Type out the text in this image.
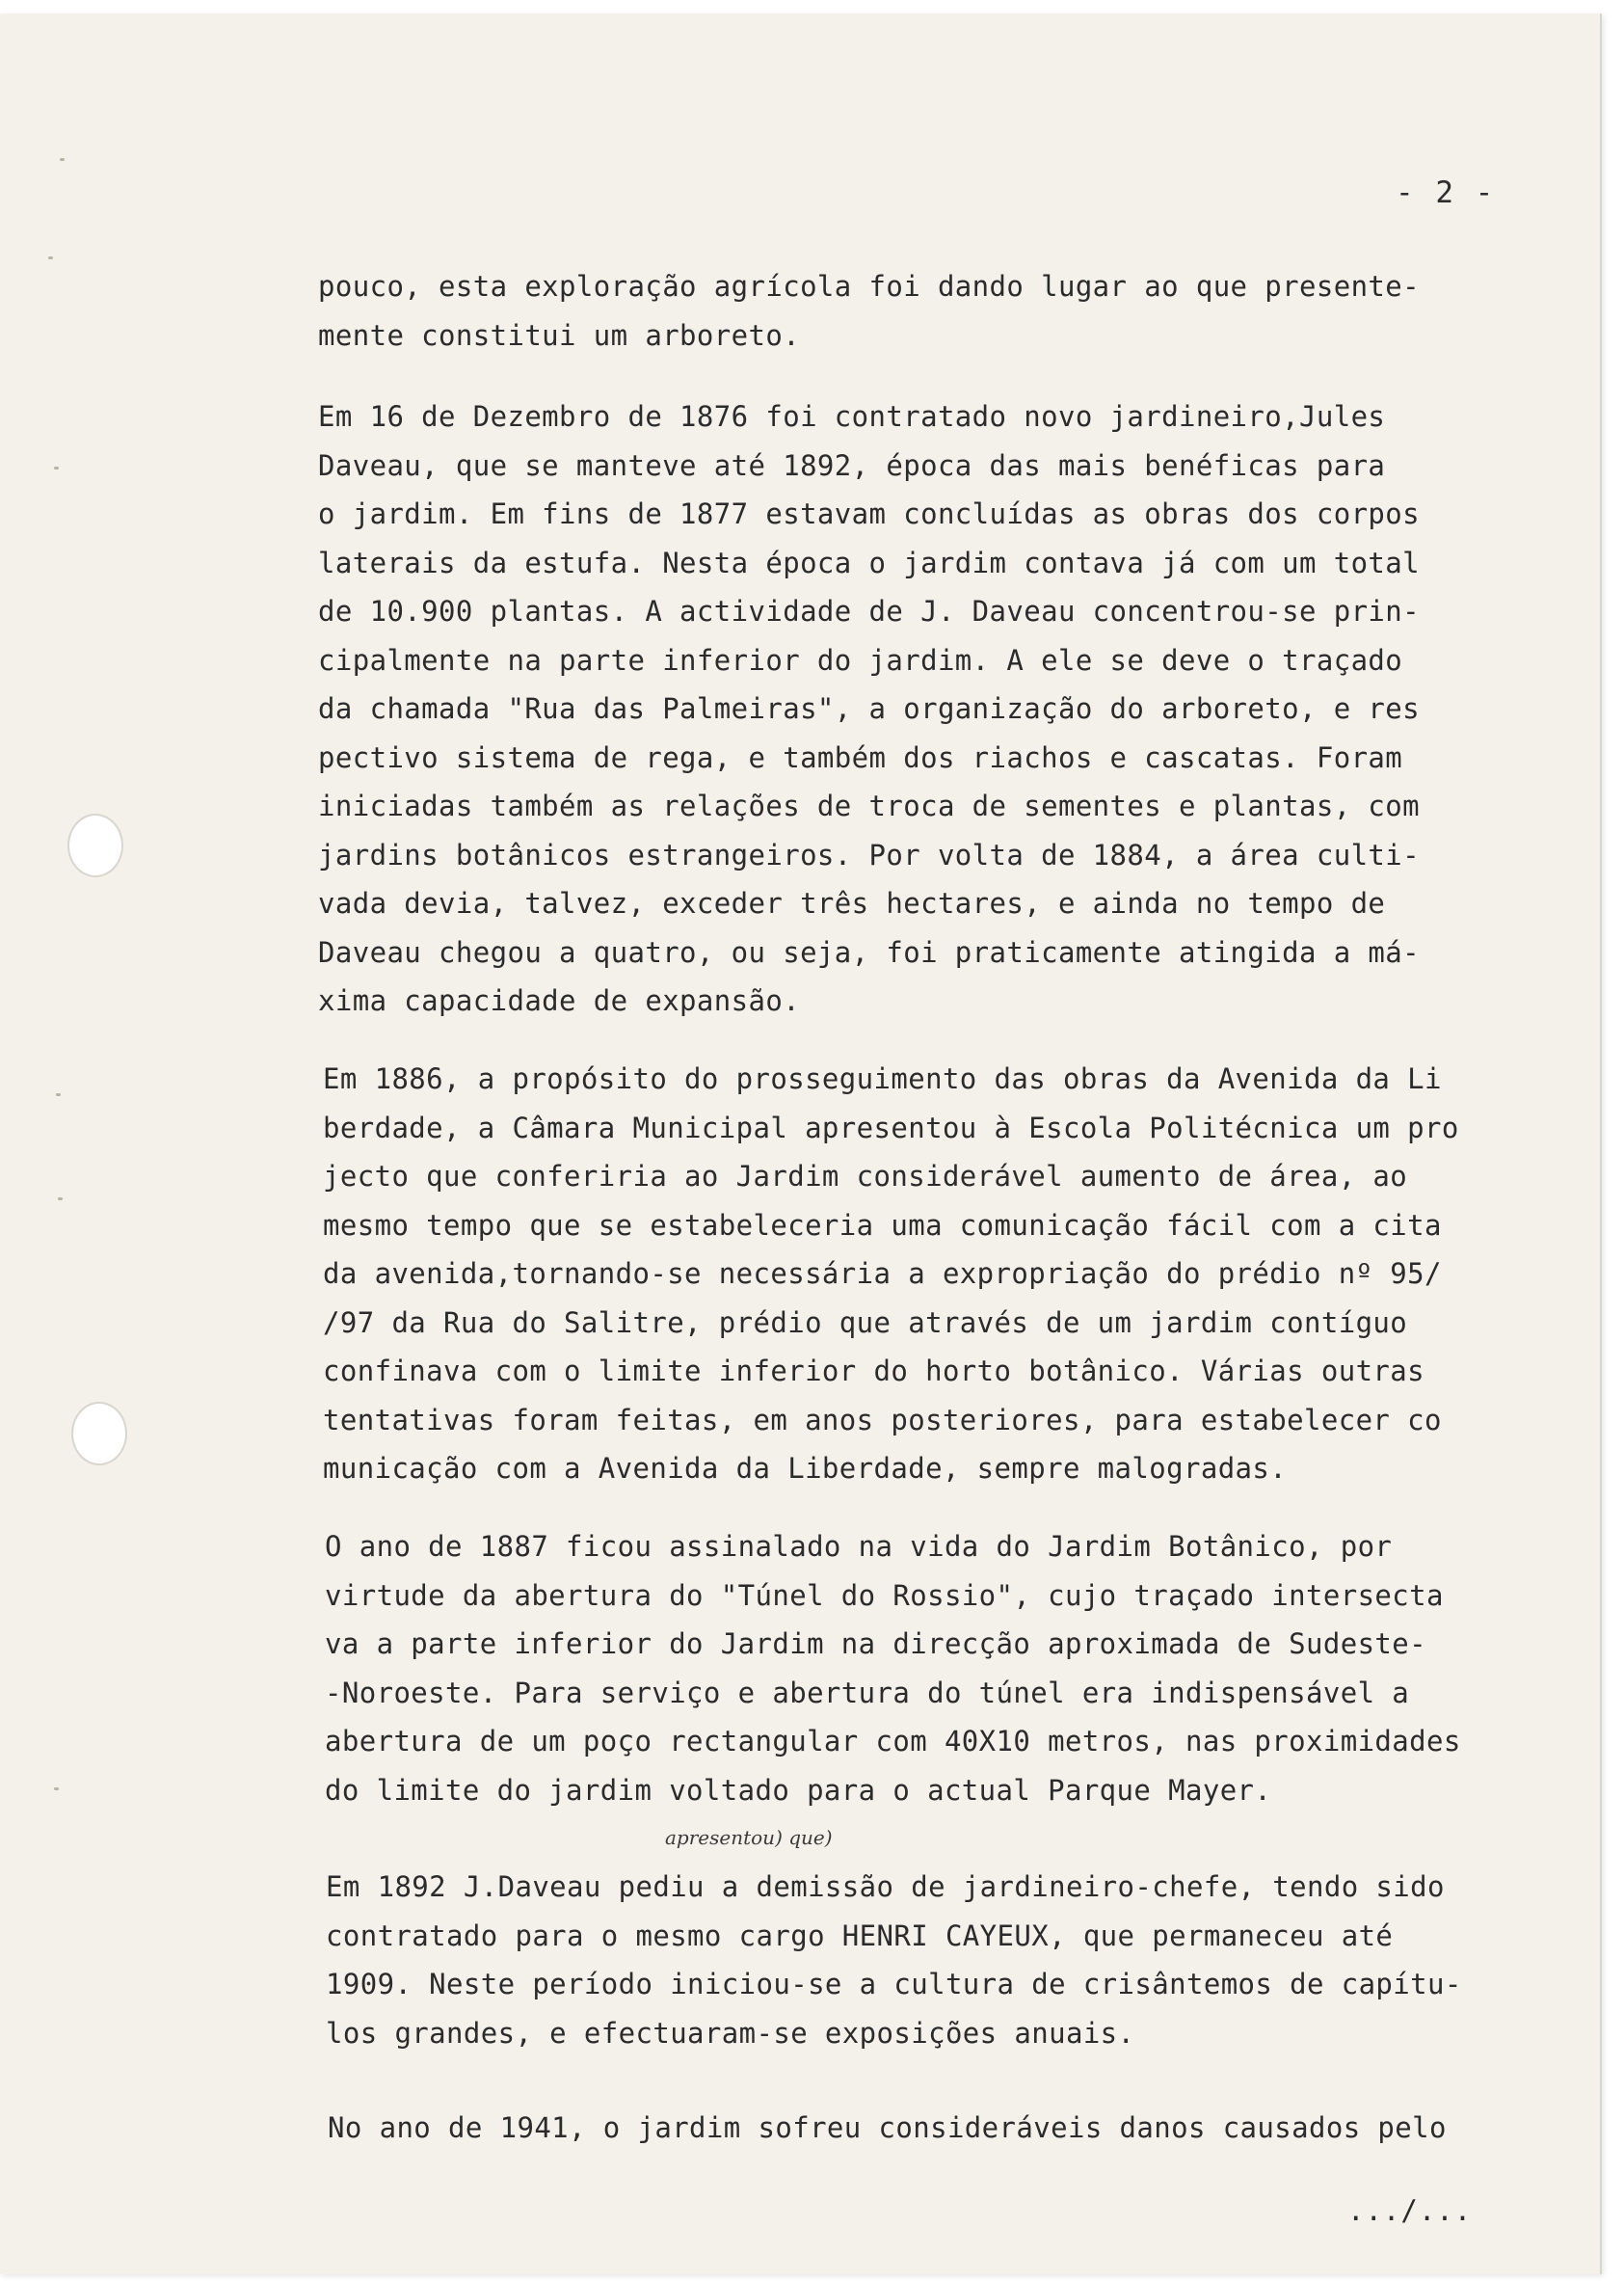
- 2 -
pouco, esta exploração agrícola foi dando lugar ao que presente-
mente constitui um arboreto.
Em 16 de Dezembro de 1876 foi contratado novo jardineiro,Jules
Daveau, que se manteve até 1892, época das mais benéficas para
o jardim. Em fins de 1877 estavam concluídas as obras dos corpos
laterais da estufa. Nesta época o jardim contava já com um total
de 10.900 plantas. A actividade de J. Daveau concentrou-se prin-
cipalmente na parte inferior do jardim. A ele se deve o traçado
da chamada "Rua das Palmeiras", a organização do arboreto, e res
pectivo sistema de rega, e também dos riachos e cascatas. Foram
iniciadas também as relações de troca de sementes e plantas, com
jardins botânicos estrangeiros. Por volta de 1884, a área culti-
vada devia, talvez, exceder três hectares, e ainda no tempo de
Daveau chegou a quatro, ou seja, foi praticamente atingida a má-
xima capacidade de expansão.
Em 1886, a propósito do prosseguimento das obras da Avenida da Li
berdade, a Câmara Municipal apresentou à Escola Politécnica um pro
jecto que conferiria ao Jardim considerável aumento de área, ao
mesmo tempo que se estabeleceria uma comunicação fácil com a cita
da avenida,tornando-se necessária a expropriação do prédio nº 95/
/97 da Rua do Salitre, prédio que através de um jardim contíguo
confinava com o limite inferior do horto botânico. Várias outras
tentativas foram feitas, em anos posteriores, para estabelecer co
municação com a Avenida da Liberdade, sempre malogradas.
O ano de 1887 ficou assinalado na vida do Jardim Botânico, por
virtude da abertura do "Túnel do Rossio", cujo traçado intersecta
va a parte inferior do Jardim na direcção aproximada de Sudeste-
-Noroeste. Para serviço e abertura do túnel era indispensável a
abertura de um poço rectangular com 40X10 metros, nas proximidades
do limite do jardim voltado para o actual Parque Mayer.
apresentou) que)
Em 1892 J.Daveau pediu a demissão de jardineiro-chefe, tendo sido
contratado para o mesmo cargo HENRI CAYEUX, que permaneceu até
1909. Neste período iniciou-se a cultura de crisântemos de capítu-
los grandes, e efectuaram-se exposições anuais.
No ano de 1941, o jardim sofreu consideráveis danos causados pelo
.../...
